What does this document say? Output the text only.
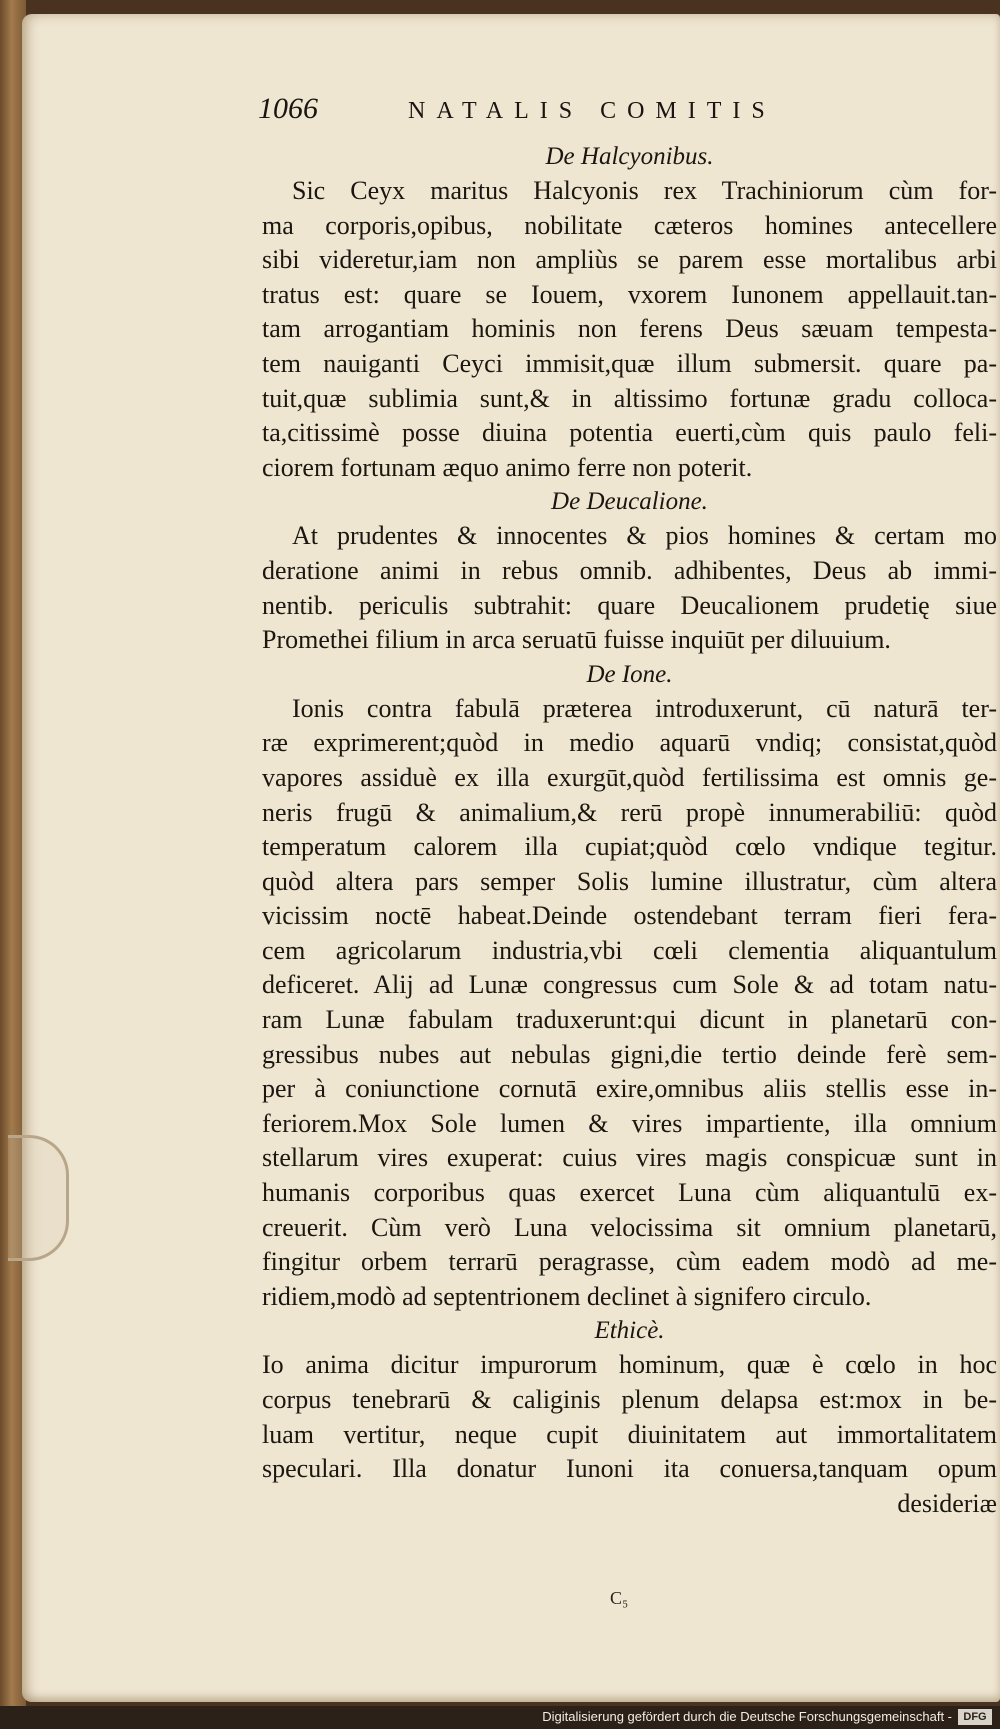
1066	NATALIS COMITIS
De Halcyonibus.
Sic Ceyx maritus Halcyonis rex Trachiniorum cùm for-
ma corporis,opibus, nobilitate cæteros homines antecellere
sibi videretur,iam non ampliùs se parem esse mortalibus arbi
tratus est: quare se Iouem, vxorem Iunonem appellauit.tan-
tam arrogantiam hominis non ferens Deus sæuam tempesta-
tem nauiganti Ceyci immisit,quæ illum submersit. quare pa-
tuit,quæ sublimia sunt,& in altissimo fortunæ gradu colloca-
ta,citissimè posse diuina potentia euerti,cùm quis paulo feli-
ciorem fortunam æquo animo ferre non poterit.
De Deucalione.
At prudentes & innocentes & pios homines & certam mo
deratione animi in rebus omnib. adhibentes, Deus ab immi-
nentib. periculis subtrahit: quare Deucalionem prudetię siue
Promethei filium in arca seruatū fuisse inquiūt per diluuium.
De Ione.
Ionis contra fabulā præterea introduxerunt, cū naturā ter-
ræ exprimerent;quòd in medio aquarū vndiq; consistat,quòd
vapores assiduè ex illa exurgūt,quòd fertilissima est omnis ge-
neris frugū & animalium,& rerū propè innumerabiliū: quòd
temperatum calorem illa cupiat;quòd cœlo vndique tegitur.
quòd altera pars semper Solis lumine illustratur, cùm altera
vicissim noctē habeat.Deinde ostendebant terram fieri fera-
cem agricolarum industria,vbi cœli clementia aliquantulum
deficeret. Alij ad Lunæ congressus cum Sole & ad totam natu-
ram Lunæ fabulam traduxerunt:qui dicunt in planetarū con-
gressibus nubes aut nebulas gigni,die tertio deinde ferè sem-
per à coniunctione cornutā exire,omnibus aliis stellis esse in-
feriorem.Mox Sole lumen & vires impartiente, illa omnium
stellarum vires exuperat: cuius vires magis conspicuæ sunt in
humanis corporibus quas exercet Luna cùm aliquantulū ex-
creuerit. Cùm verò Luna velocissima sit omnium planetarū,
fingitur orbem terrarū peragrasse, cùm eadem modò ad me-
ridiem,modò ad septentrionem declinet à signifero circulo.
Ethicè.
Io anima dicitur impurorum hominum, quæ è cœlo in hoc
corpus tenebrarū & caliginis plenum delapsa est:mox in be-
luam vertitur, neque cupit diuinitatem aut immortalitatem
speculari. Illa donatur Iunoni ita conuersa,tanquam opum
desideriæ
C₅
Digitalisierung gefördert durch die Deutsche Forschungsgemeinschaft -	DFG
